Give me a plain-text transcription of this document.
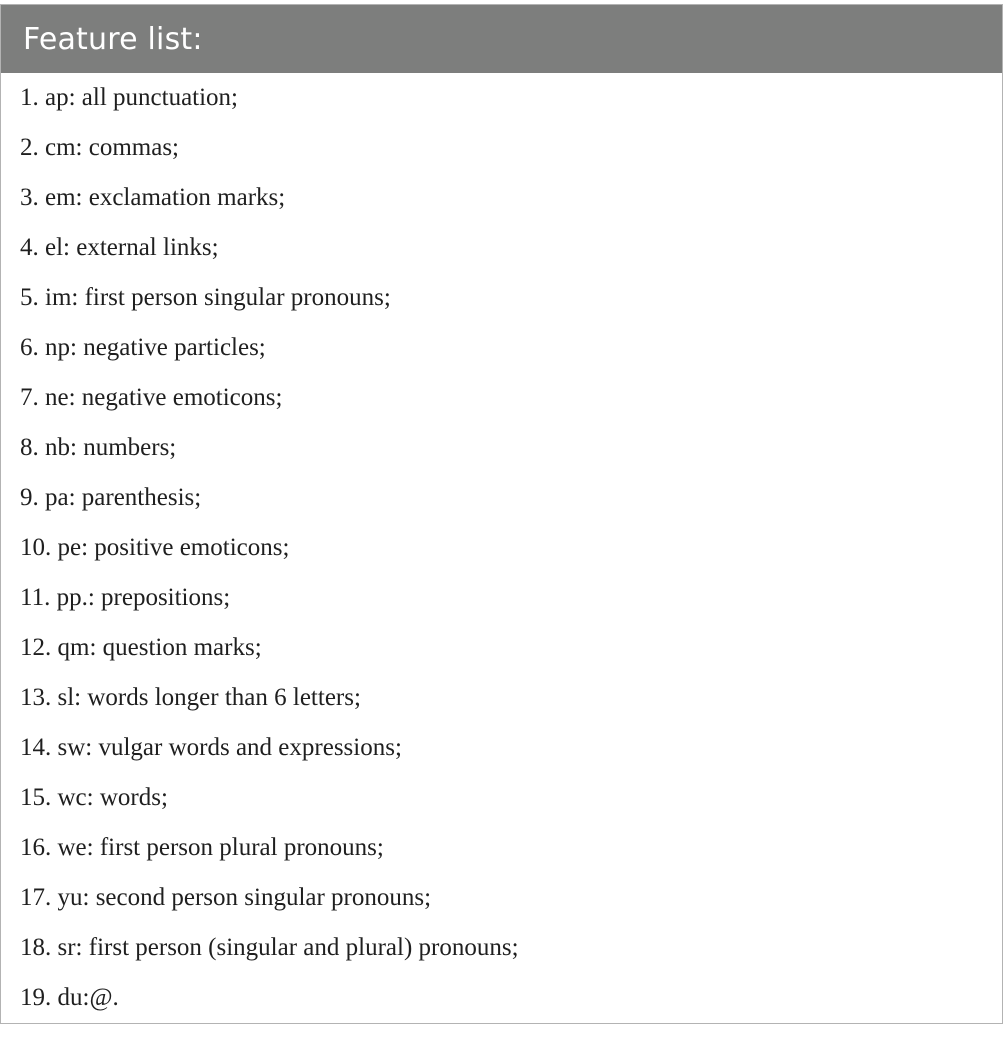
Feature list:
1. ap: all punctuation;
2. cm: commas;
3. em: exclamation marks;
4. el: external links;
5. im: first person singular pronouns;
6. np: negative particles;
7. ne: negative emoticons;
8. nb: numbers;
9. pa: parenthesis;
10. pe: positive emoticons;
11. pp.: prepositions;
12. qm: question marks;
13. sl: words longer than 6 letters;
14. sw: vulgar words and expressions;
15. wc: words;
16. we: first person plural pronouns;
17. yu: second person singular pronouns;
18. sr: first person (singular and plural) pronouns;
19. du:@.
